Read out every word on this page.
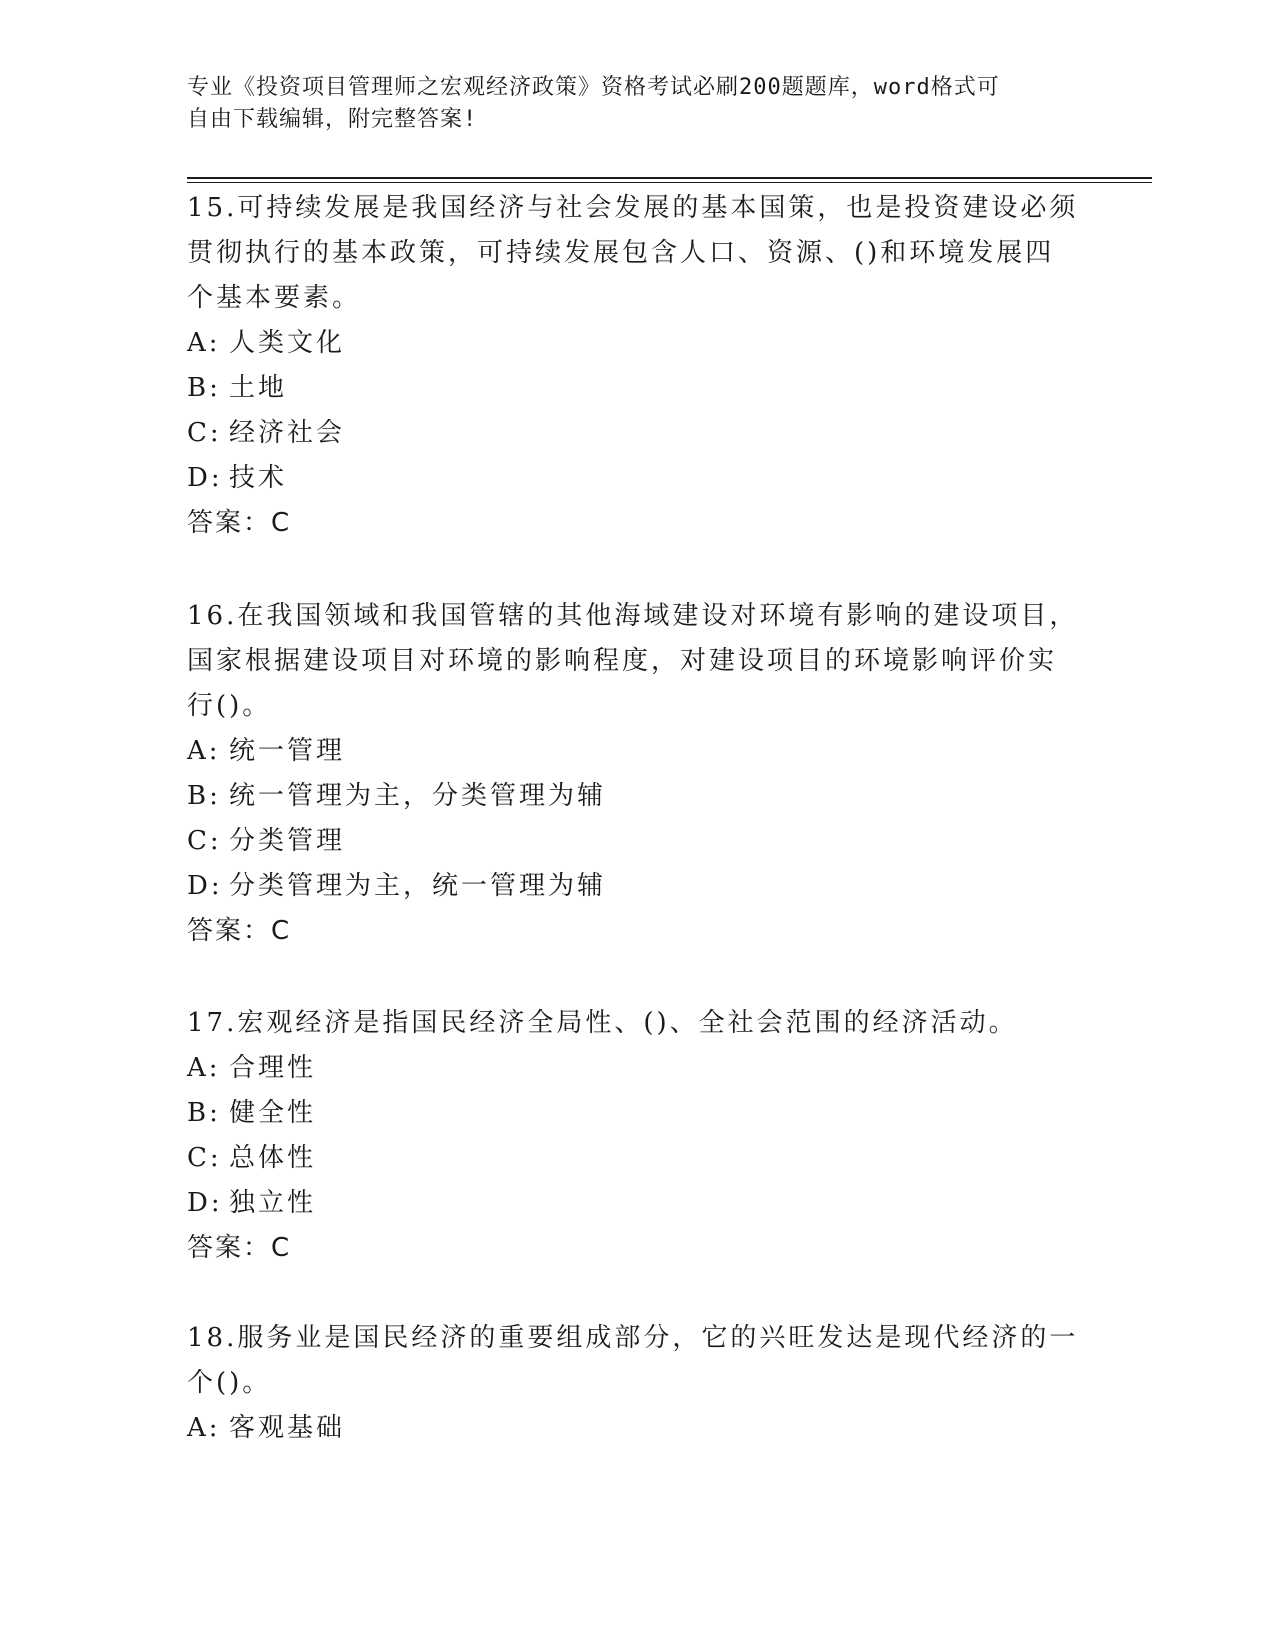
专业《投资项目管理师之宏观经济政策》资格考试必刷200题题库，word格式可
自由下载编辑，附完整答案!
15.可持续发展是我国经济与社会发展的基本国策，也是投资建设必须
贯彻执行的基本政策，可持续发展包含人口、资源、()和环境发展四
个基本要素。
A: 人类文化
B: 土地
C: 经济社会
D: 技术
答案：C
16.在我国领域和我国管辖的其他海域建设对环境有影响的建设项目，
国家根据建设项目对环境的影响程度，对建设项目的环境影响评价实
行()。
A: 统一管理
B: 统一管理为主，分类管理为辅
C: 分类管理
D: 分类管理为主，统一管理为辅
答案：C
17.宏观经济是指国民经济全局性、()、全社会范围的经济活动。
A: 合理性
B: 健全性
C: 总体性
D: 独立性
答案：C
18.服务业是国民经济的重要组成部分，它的兴旺发达是现代经济的一
个()。
A: 客观基础
